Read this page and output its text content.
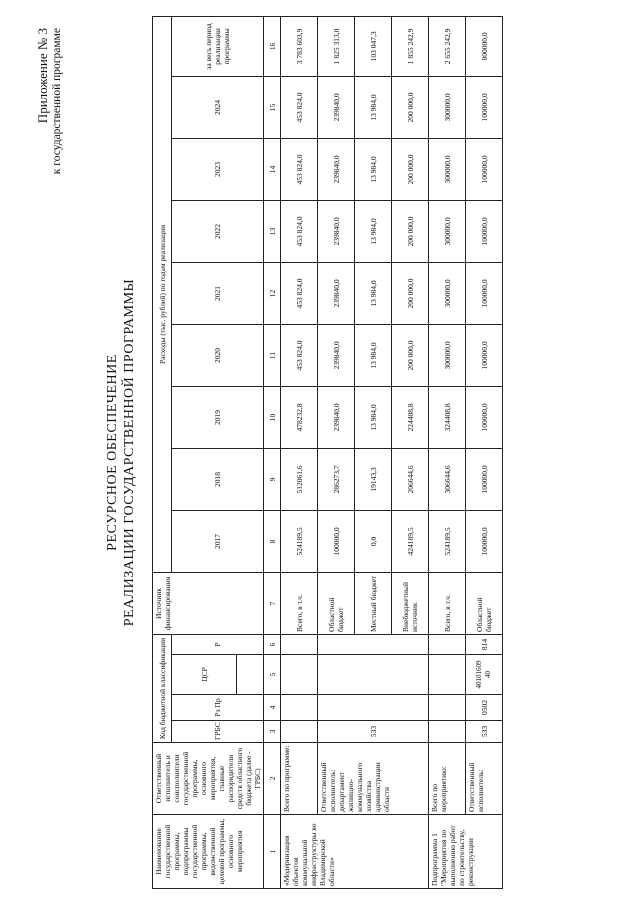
Приложение № 3 к государственной программе
РЕСУРСНОЕ ОБЕСПЕЧЕНИЕ РЕАЛИЗАЦИИ ГОСУДАРСТВЕННОЙ ПРОГРАММЫ
Наименование государственной программы, подпрограммы государственной программы, ведомственной целевой программы, основного мероприятия	Ответственный исполнитель и соисполнители государственной программы, основного мероприятия, главные распорядители средств областного бюджета (далее - ГРБС)	Код бюджетной классификации				Источник финансирования	Расходы (тыс. рублей) по годам реализации								
		ГРБС	Рз Пр	ЦСР	Р		2017	2018	2019	2020	2021	2022	2023	2024	за весь период реализации программы

1	2	3	4	5	6	7	8	9	10	11	12	13	14	15	16
«Модернизация объектов коммунальной инфраструктуры во Владимирской области»	Всего по программе:					Всего, в т.ч.	524189,5	512061,6	478232,8	453 824,0	453 824,0	453 824,0	453 824,0	453 824,0	3 783 603,9
	Ответственный исполнитель: департамент жилищно-коммунального хозяйства администрации области	533				Областной бюджет	100000,0	286273,7	239840,0	239840,0	239840,0	239840,0	239840,0	239840,0	1 825 313,0
						Местный бюджет	0,0	19143,3	13 984,0	13 984,0	13 984,0	13 984,0	13 984,0	13 984,0	103 047,3
						Внебюджетный источник	424189,5	206644,6	224408,8	200 000,0	200 000,0	200 000,0	200 000,0	200 000,0	1 855 242,9
Подпрограмма 1 "Мероприятия по выполнению работ по строительству, реконструкции	Всего по мероприятию:					Всего, в т.ч.	524189,5	306644,6	324408,8	300000,0	300000,0	300000,0	300000,0	300000,0	2 655 242,9
	Ответственный исполнитель:	533	0502	40101609 40	814	Областной бюджет	100000,0	100000,0	100000,0	100000,0	100000,0	100000,0	100000,0	100000,0	800000,0
